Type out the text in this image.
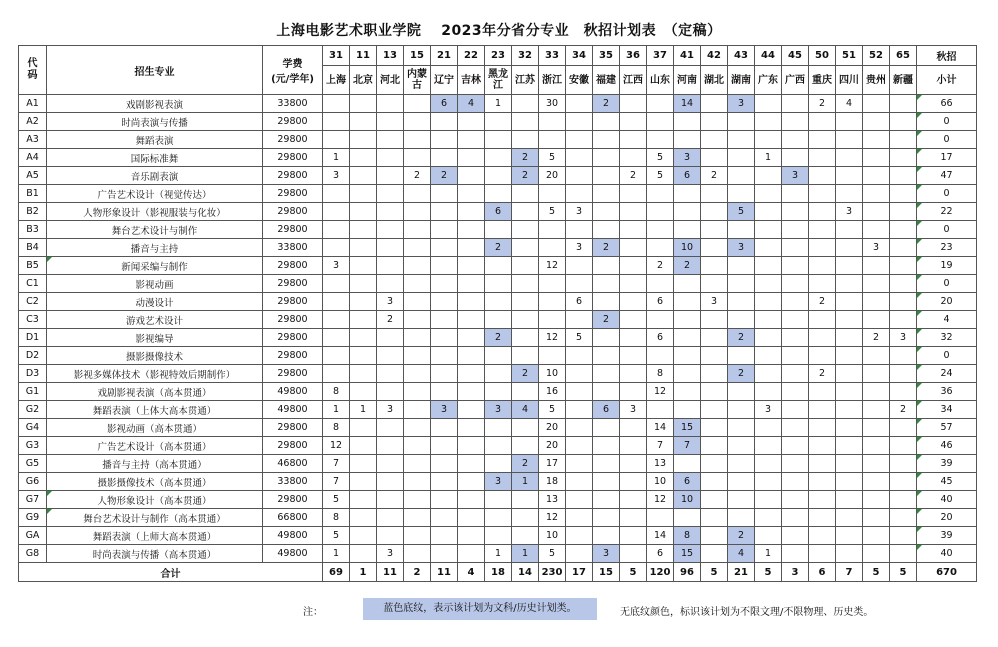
上海电影艺术职业学院　 2023年分省分专业　秋招计划表　（定稿）
代码	招生专业	学费
(元/学年)	31	11	13	15	21	22	23	32	33	34	35	36	37	41	42	43	44	45	50	51	52	65	秋招
			上海	北京	河北	内蒙古	辽宁	吉林	黑龙江	江苏	浙江	安徽	福建	江西	山东	河南	湖北	湖南	广东	广西	重庆	四川	贵州	新疆	小计
A1	戏剧影视表演	33800					6	4	1		30		2			14		3			2	4			66
A2	时尚表演与传播	29800																							0
A3	舞蹈表演	29800																							0
A4	国际标准舞	29800	1							2	5				5	3			1						17
A5	音乐剧表演	29800	3			2	2			2	20			2	5	6	2			3					47
B1	广告艺术设计（视觉传达）	29800																							0
B2	人物形象设计（影视服装与化妆）	29800							6		5	3						5				3			22
B3	舞台艺术设计与制作	29800																							0
B4	播音与主持	33800							2			3	2			10		3					3		23
B5	新闻采编与制作	29800	3								12				2	2									19
C1	影视动画	29800																							0
C2	动漫设计	29800			3							6			6		3				2				20
C3	游戏艺术设计	29800			2								2												4
D1	影视编导	29800							2		12	5			6			2					2	3	32
D2	摄影摄像技术	29800																							0
D3	影视多媒体技术（影视特效后期制作）	29800								2	10				8			2			2				24
G1	戏剧影视表演（高本贯通）	49800	8								16				12										36
G2	舞蹈表演（上体大高本贯通）	49800	1	1	3		3		3	4	5		6	3					3					2	34
G4	影视动画（高本贯通）	29800	8								20				14	15									57
G3	广告艺术设计（高本贯通）	29800	12								20				7	7									46
G5	播音与主持（高本贯通）	46800	7							2	17				13										39
G6	摄影摄像技术（高本贯通）	33800	7						3	1	18				10	6									45
G7	人物形象设计（高本贯通）	29800	5								13				12	10									40
G9	舞台艺术设计与制作（高本贯通）	66800	8								12														20
GA	舞蹈表演（上师大高本贯通）	49800	5								10				14	8		2							39
G8	时尚表演与传播（高本贯通）	49800	1		3				1	1	5		3		6	15		4	1						40
合计			69	1	11	2	11	4	18	14	230	17	15	5	120	96	5	21	5	3	6	7	5	5	670
注：	蓝色底纹，表示该计划为文科/历史计划类。	无底纹颜色，标识该计划为不限文理/不限物理、历史类。
